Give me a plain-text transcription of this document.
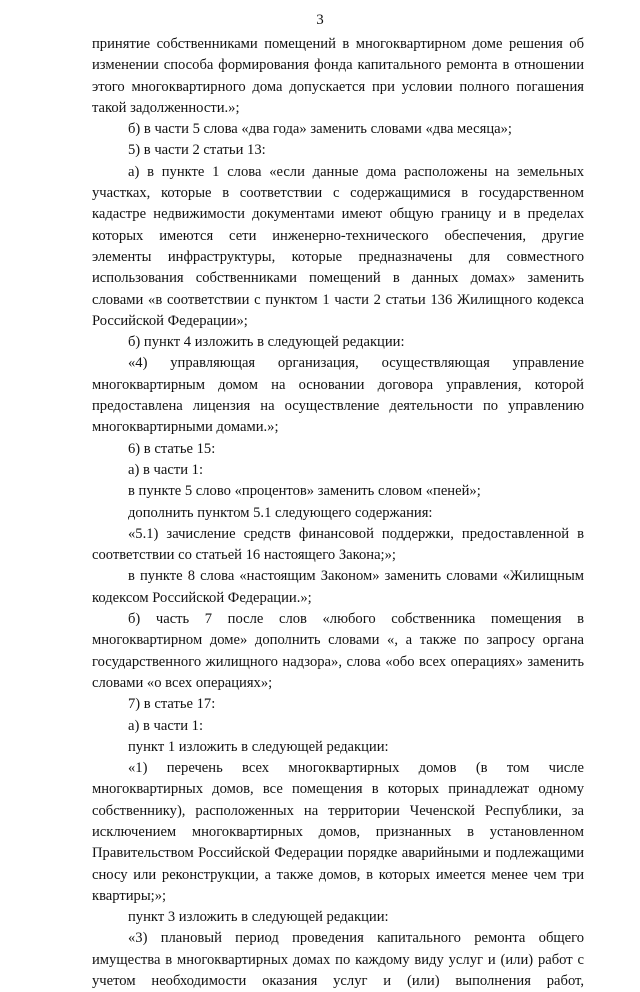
3

принятие собственниками помещений в многоквартирном доме решения об изменении способа формирования фонда капитального ремонта в отношении этого многоквартирного дома допускается при условии полного погашения такой задолженности.»;

б) в части 5 слова «два года» заменить словами «два месяца»;

5) в части 2 статьи 13:

а) в пункте 1 слова «если данные дома расположены на земельных участках, которые в соответствии с содержащимися в государственном кадастре недвижимости документами имеют общую границу и в пределах которых имеются сети инженерно-технического обеспечения, другие элементы инфраструктуры, которые предназначены для совместного использования собственниками помещений в данных домах» заменить словами «в соответствии с пунктом 1 части 2 статьи 136 Жилищного кодекса Российской Федерации»;

б) пункт 4 изложить в следующей редакции:

«4) управляющая организация, осуществляющая управление многоквартирным домом на основании договора управления, которой предоставлена лицензия на осуществление деятельности по управлению многоквартирными домами.»;

6) в статье 15:

а) в части 1:

в пункте 5 слово «процентов» заменить словом «пеней»;

дополнить пунктом 5.1 следующего содержания:

«5.1) зачисление средств финансовой поддержки, предоставленной в соответствии со статьей 16 настоящего Закона;»;

в пункте 8 слова «настоящим Законом» заменить словами «Жилищным кодексом Российской Федерации.»;

б) часть 7 после слов «любого собственника помещения в многоквартирном доме» дополнить словами «, а также по запросу органа государственного жилищного надзора», слова «обо всех операциях» заменить словами «о всех операциях»;

7) в статье 17:

а) в части 1:

пункт 1 изложить в следующей редакции:

«1) перечень всех многоквартирных домов (в том числе многоквартирных домов, все помещения в которых принадлежат одному собственнику), расположенных на территории Чеченской Республики, за исключением многоквартирных домов, признанных в установленном Правительством Российской Федерации порядке аварийными и подлежащими сносу или реконструкции, а также домов, в которых имеется менее чем три квартиры;»;

пункт 3 изложить в следующей редакции:

«3) плановый период проведения капитального ремонта общего имущества в многоквартирных домах по каждому виду услуг и (или) работ с учетом необходимости оказания услуг и (или) выполнения работ,
